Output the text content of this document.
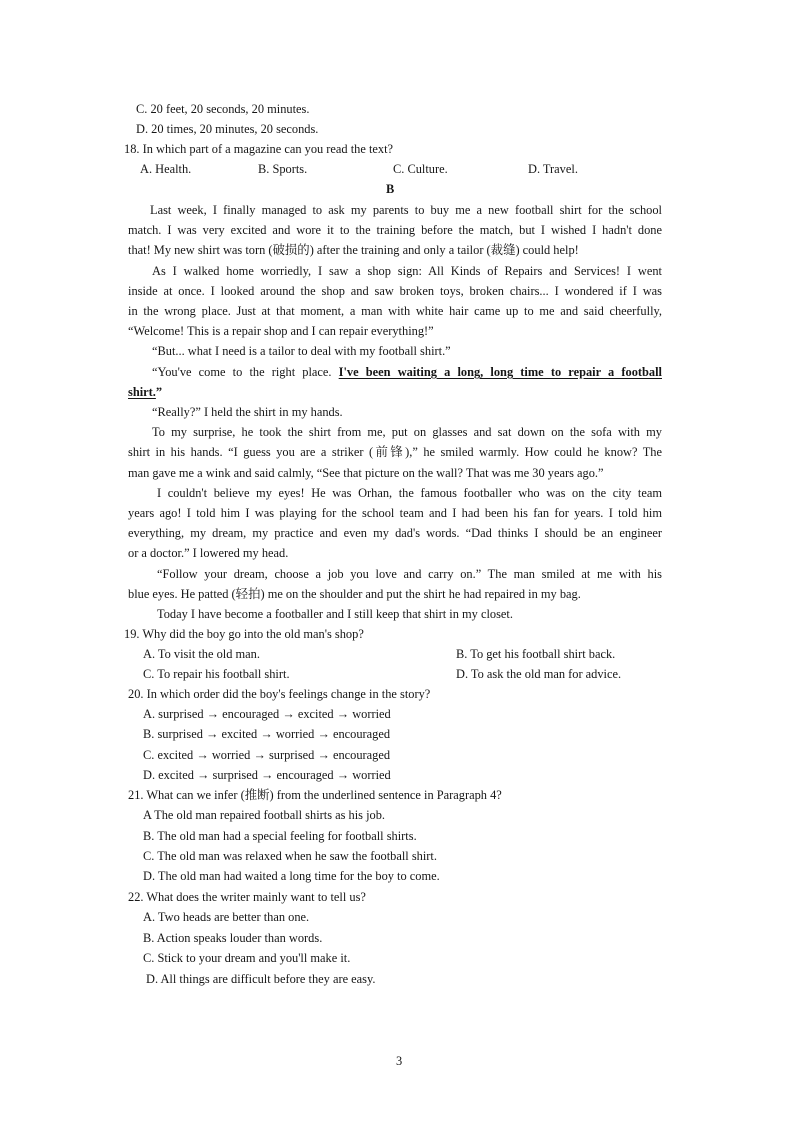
C. 20 feet, 20 seconds, 20 minutes.
D. 20 times, 20 minutes, 20 seconds.
18. In which part of a magazine can you read the text?
A. Health.	B. Sports.	C. Culture.	D. Travel.
B
Last week, I finally managed to ask my parents to buy me a new football shirt for the school
match. I was very excited and wore it to the training before the match, but I wished I hadn't done
that! My new shirt was torn (破损的) after the training and only a tailor (裁缝) could help!
As I walked home worriedly, I saw a shop sign: All Kinds of Repairs and Services! I went
inside at once. I looked around the shop and saw broken toys, broken chairs... I wondered if I was
in the wrong place. Just at that moment, a man with white hair came up to me and said cheerfully,
“Welcome! This is a repair shop and I can repair everything!”
“But... what I need is a tailor to deal with my football shirt.”
“You've come to the right place. I've been waiting a long, long time to repair a football
shirt.”
“Really?” I held the shirt in my hands.
To my surprise, he took the shirt from me, put on glasses and sat down on the sofa with my
shirt in his hands. “I guess you are a striker (前锋),” he smiled warmly. How could he know? The
man gave me a wink and said calmly, “See that picture on the wall? That was me 30 years ago.”
I couldn't believe my eyes! He was Orhan, the famous footballer who was on the city team
years ago! I told him I was playing for the school team and I had been his fan for years. I told him
everything, my dream, my practice and even my dad's words. “Dad thinks I should be an engineer
or a doctor.” I lowered my head.
“Follow your dream, choose a job you love and carry on.” The man smiled at me with his
blue eyes. He patted (轻拍) me on the shoulder and put the shirt he had repaired in my bag.
Today I have become a footballer and I still keep that shirt in my closet.
19. Why did the boy go into the old man's shop?
A. To visit the old man.	B. To get his football shirt back.
C. To repair his football shirt.	D. To ask the old man for advice.
20. In which order did the boy's feelings change in the story?
A. surprised → encouraged → excited → worried
B. surprised → excited → worried → encouraged
C. excited → worried → surprised → encouraged
D. excited → surprised → encouraged → worried
21. What can we infer (推断) from the underlined sentence in Paragraph 4?
A The old man repaired football shirts as his job.
B. The old man had a special feeling for football shirts.
C. The old man was relaxed when he saw the football shirt.
D. The old man had waited a long time for the boy to come.
22. What does the writer mainly want to tell us?
A. Two heads are better than one.
B. Action speaks louder than words.
C. Stick to your dream and you'll make it.
D. All things are difficult before they are easy.
3
